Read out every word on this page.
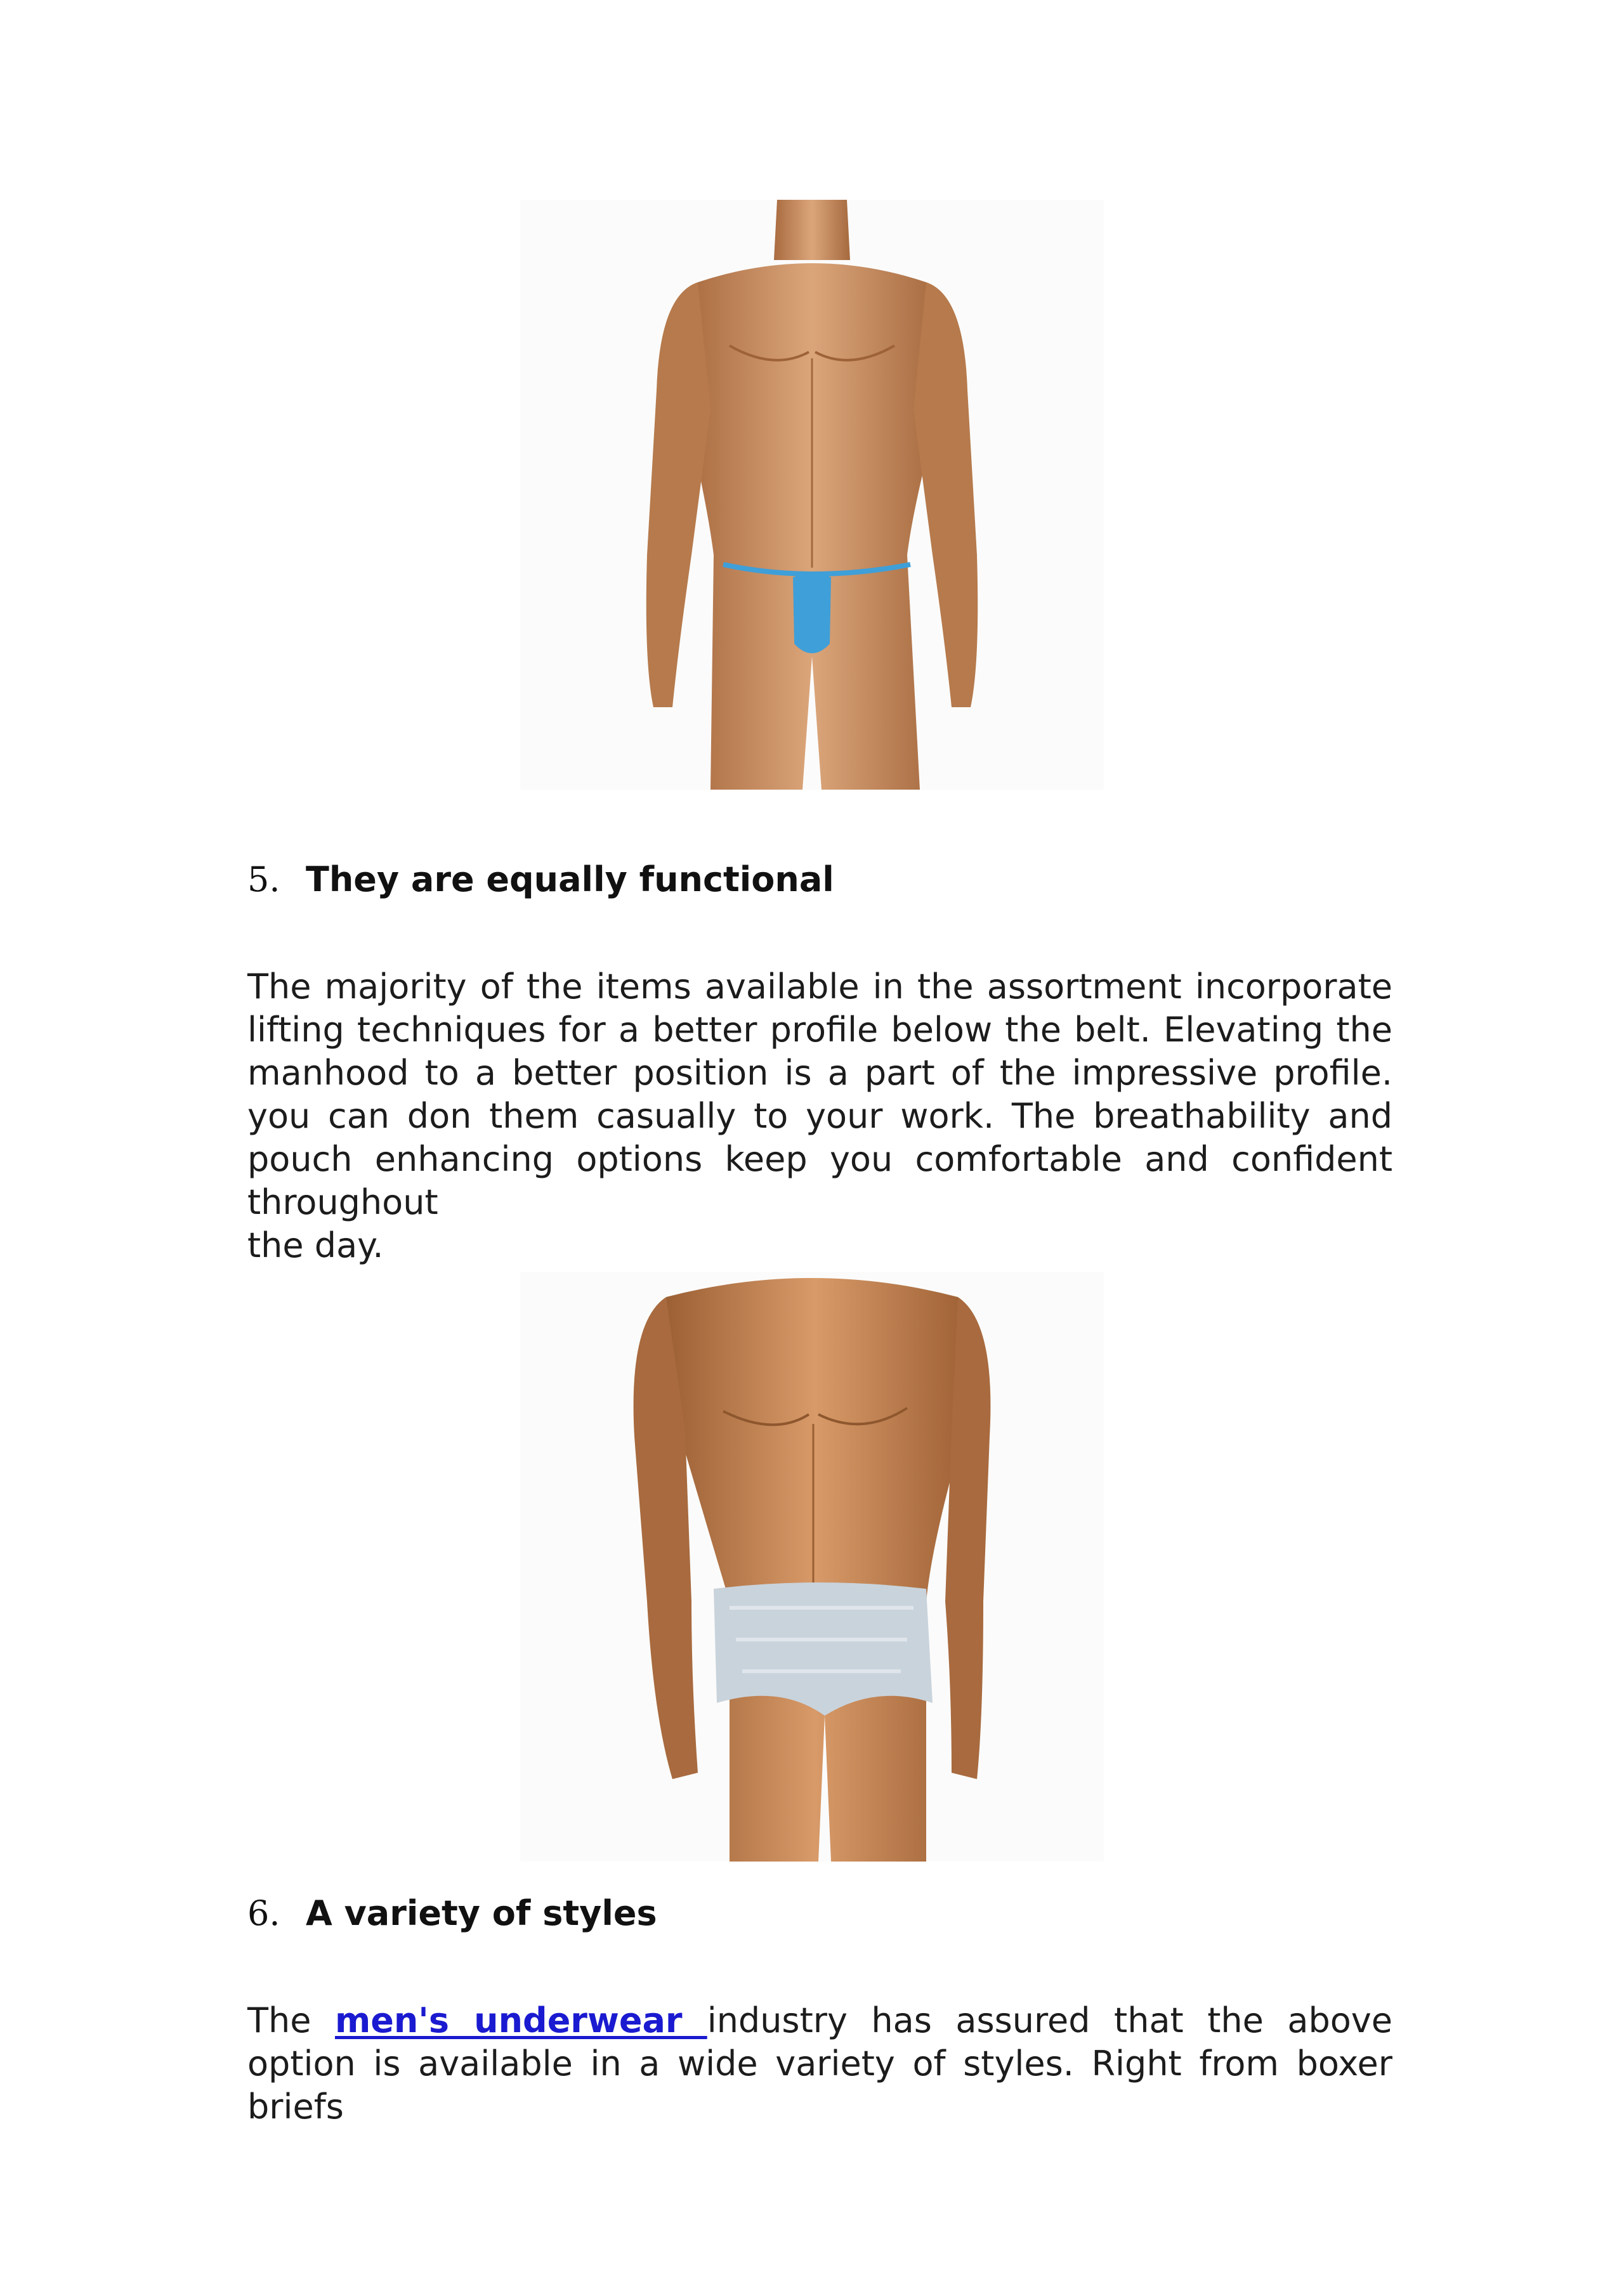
5. They are equally functional

The majority of the items available in the assortment incorporate lifting techniques for a better profile below the belt. Elevating the manhood to a better position is a part of the impressive profile. you can don them casually to your work. The breathability and pouch enhancing options keep you comfortable and confident throughout
the day.

6. A variety of styles

The men's underwear industry has assured that the above option is available in a wide variety of styles. Right from boxer briefs
